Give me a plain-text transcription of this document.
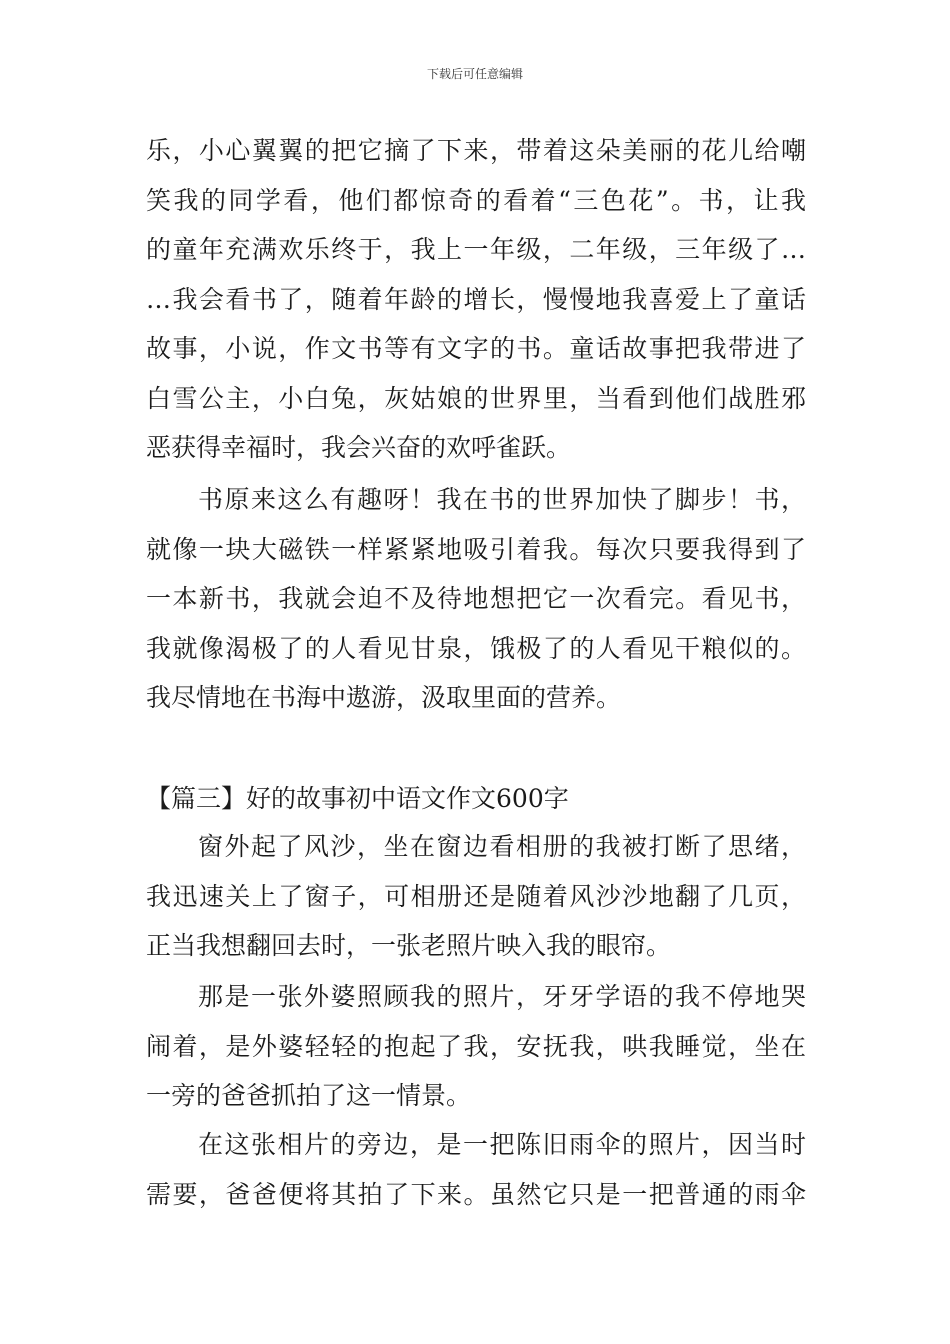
下载后可任意编辑
乐，小心翼翼的把它摘了下来，带着这朵美丽的花儿给嘲
笑我的同学看，他们都惊奇的看着“三色花”。书，让我
的童年充满欢乐终于，我上一年级，二年级，三年级了…
…我会看书了，随着年龄的增长，慢慢地我喜爱上了童话
故事，小说，作文书等有文字的书。童话故事把我带进了
白雪公主，小白兔，灰姑娘的世界里，当看到他们战胜邪
恶获得幸福时，我会兴奋的欢呼雀跃。
书原来这么有趣呀！我在书的世界加快了脚步！书，
就像一块大磁铁一样紧紧地吸引着我。每次只要我得到了
一本新书，我就会迫不及待地想把它一次看完。看见书，
我就像渴极了的人看见甘泉，饿极了的人看见干粮似的。
我尽情地在书海中遨游，汲取里面的营养。
【篇三】好的故事初中语文作文600字
窗外起了风沙，坐在窗边看相册的我被打断了思绪，
我迅速关上了窗子，可相册还是随着风沙沙地翻了几页，
正当我想翻回去时，一张老照片映入我的眼帘。
那是一张外婆照顾我的照片，牙牙学语的我不停地哭
闹着，是外婆轻轻的抱起了我，安抚我，哄我睡觉，坐在
一旁的爸爸抓拍了这一情景。
在这张相片的旁边，是一把陈旧雨伞的照片，因当时
需要，爸爸便将其拍了下来。虽然它只是一把普通的雨伞
